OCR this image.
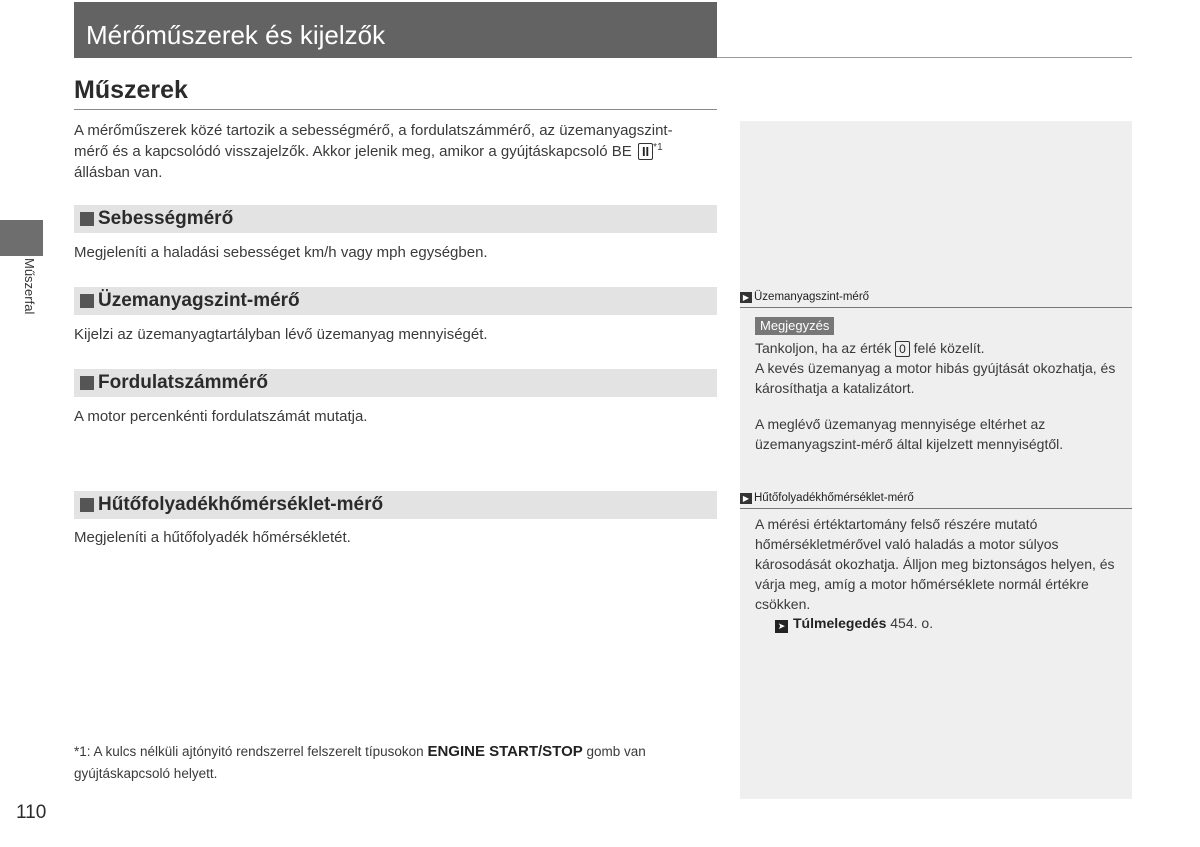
Mérőműszerek és kijelzők
Műszerfal
Műszerek
A mérőműszerek közé tartozik a sebességmérő, a fordulatszámmérő, az üzemanyagszint-
mérő és a kapcsolódó visszajelzők. Akkor jelenik meg, amikor a gyújtáskapcsoló BE II $^{*1}$
állásban van.
Sebességmérő
Megjeleníti a haladási sebességet km/h vagy mph egységben.
Üzemanyagszint-mérő
Kijelzi az üzemanyagtartályban lévő üzemanyag mennyiségét.
Fordulatszámmérő
A motor percenkénti fordulatszámát mutatja.
Hűtőfolyadékhőmérséklet-mérő
Megjeleníti a hűtőfolyadék hőmérsékletét.
*1: A kulcs nélküli ajtónyitó rendszerrel felszerelt típusokon ENGINE START/STOP gomb van
gyújtáskapcsoló helyett.
110
▶ Üzemanyagszint-mérő
Megjegyzés
Tankoljon, ha az érték 0 felé közelít.
A kevés üzemanyag a motor hibás gyújtását okozhatja, és
károsíthatja a katalizátort.
A meglévő üzemanyag mennyisége eltérhet az
üzemanyagszint-mérő által kijelzett mennyiségtől.
▶ Hűtőfolyadékhőmérséklet-mérő
A mérési értéktartomány felső részére mutató
hőmérsékletmérővel való haladás a motor súlyos
károsodását okozhatja. Álljon meg biztonságos helyen, és
várja meg, amíg a motor hőmérséklete normál értékre
csökken.
➤ Túlmelegedés 454. o.
